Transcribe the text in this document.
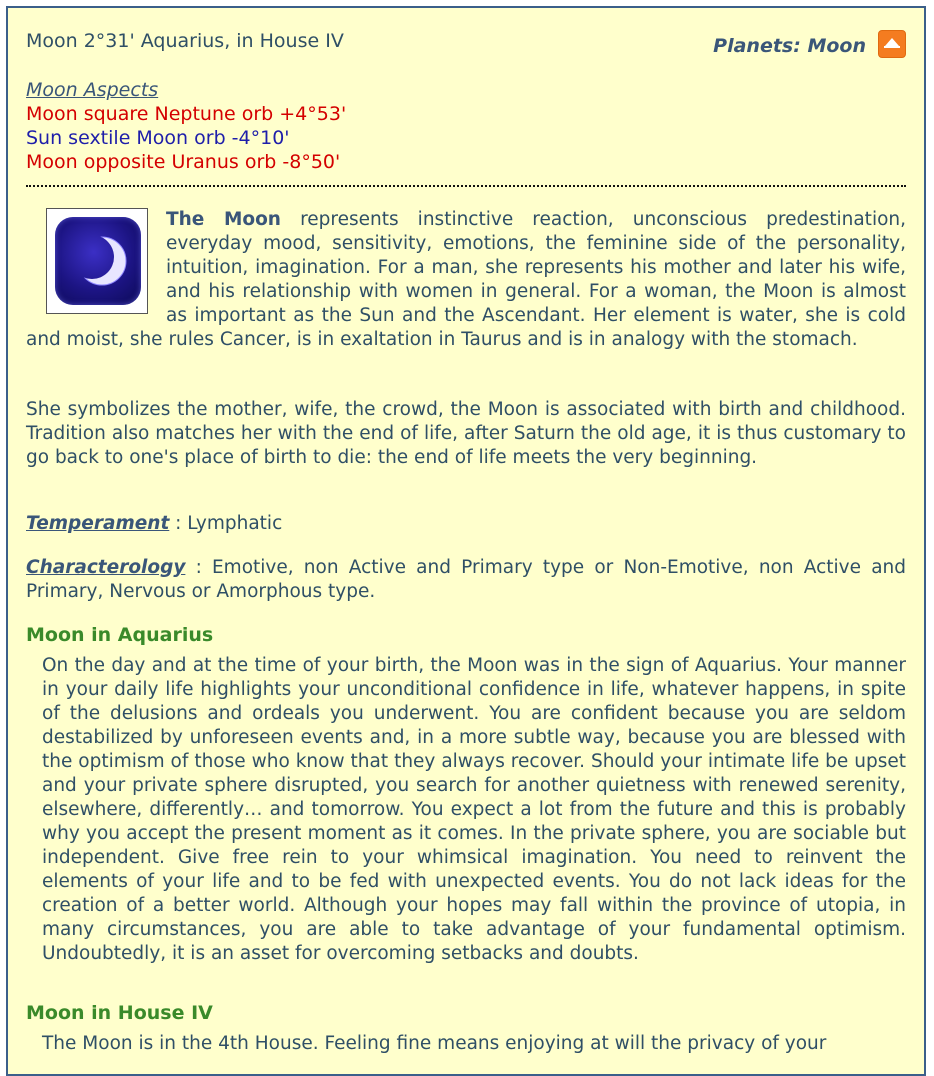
Moon 2°31' Aquarius, in House IV	Planets: Moon
Moon Aspects
Moon square Neptune orb +4°53'
Sun sextile Moon orb -4°10'
Moon opposite Uranus orb -8°50'

The Moon represents instinctive reaction, unconscious predestination, everyday mood, sensitivity, emotions, the feminine side of the personality, intuition, imagination. For a man, she represents his mother and later his wife, and his relationship with women in general. For a woman, the Moon is almost as important as the Sun and the Ascendant. Her element is water, she is cold and moist, she rules Cancer, is in exaltation in Taurus and is in analogy with the stomach.

She symbolizes the mother, wife, the crowd, the Moon is associated with birth and childhood. Tradition also matches her with the end of life, after Saturn the old age, it is thus customary to go back to one's place of birth to die: the end of life meets the very beginning.

Temperament : Lymphatic

Characterology : Emotive, non Active and Primary type or Non-Emotive, non Active and Primary, Nervous or Amorphous type.

Moon in Aquarius

On the day and at the time of your birth, the Moon was in the sign of Aquarius. Your manner in your daily life highlights your unconditional confidence in life, whatever happens, in spite of the delusions and ordeals you underwent. You are confident because you are seldom destabilized by unforeseen events and, in a more subtle way, because you are blessed with the optimism of those who know that they always recover. Should your intimate life be upset and your private sphere disrupted, you search for another quietness with renewed serenity, elsewhere, differently… and tomorrow. You expect a lot from the future and this is probably why you accept the present moment as it comes. In the private sphere, you are sociable but independent. Give free rein to your whimsical imagination. You need to reinvent the elements of your life and to be fed with unexpected events. You do not lack ideas for the creation of a better world. Although your hopes may fall within the province of utopia, in many circumstances, you are able to take advantage of your fundamental optimism. Undoubtedly, it is an asset for overcoming setbacks and doubts.

Moon in House IV

The Moon is in the 4th House. Feeling fine means enjoying at will the privacy of your
